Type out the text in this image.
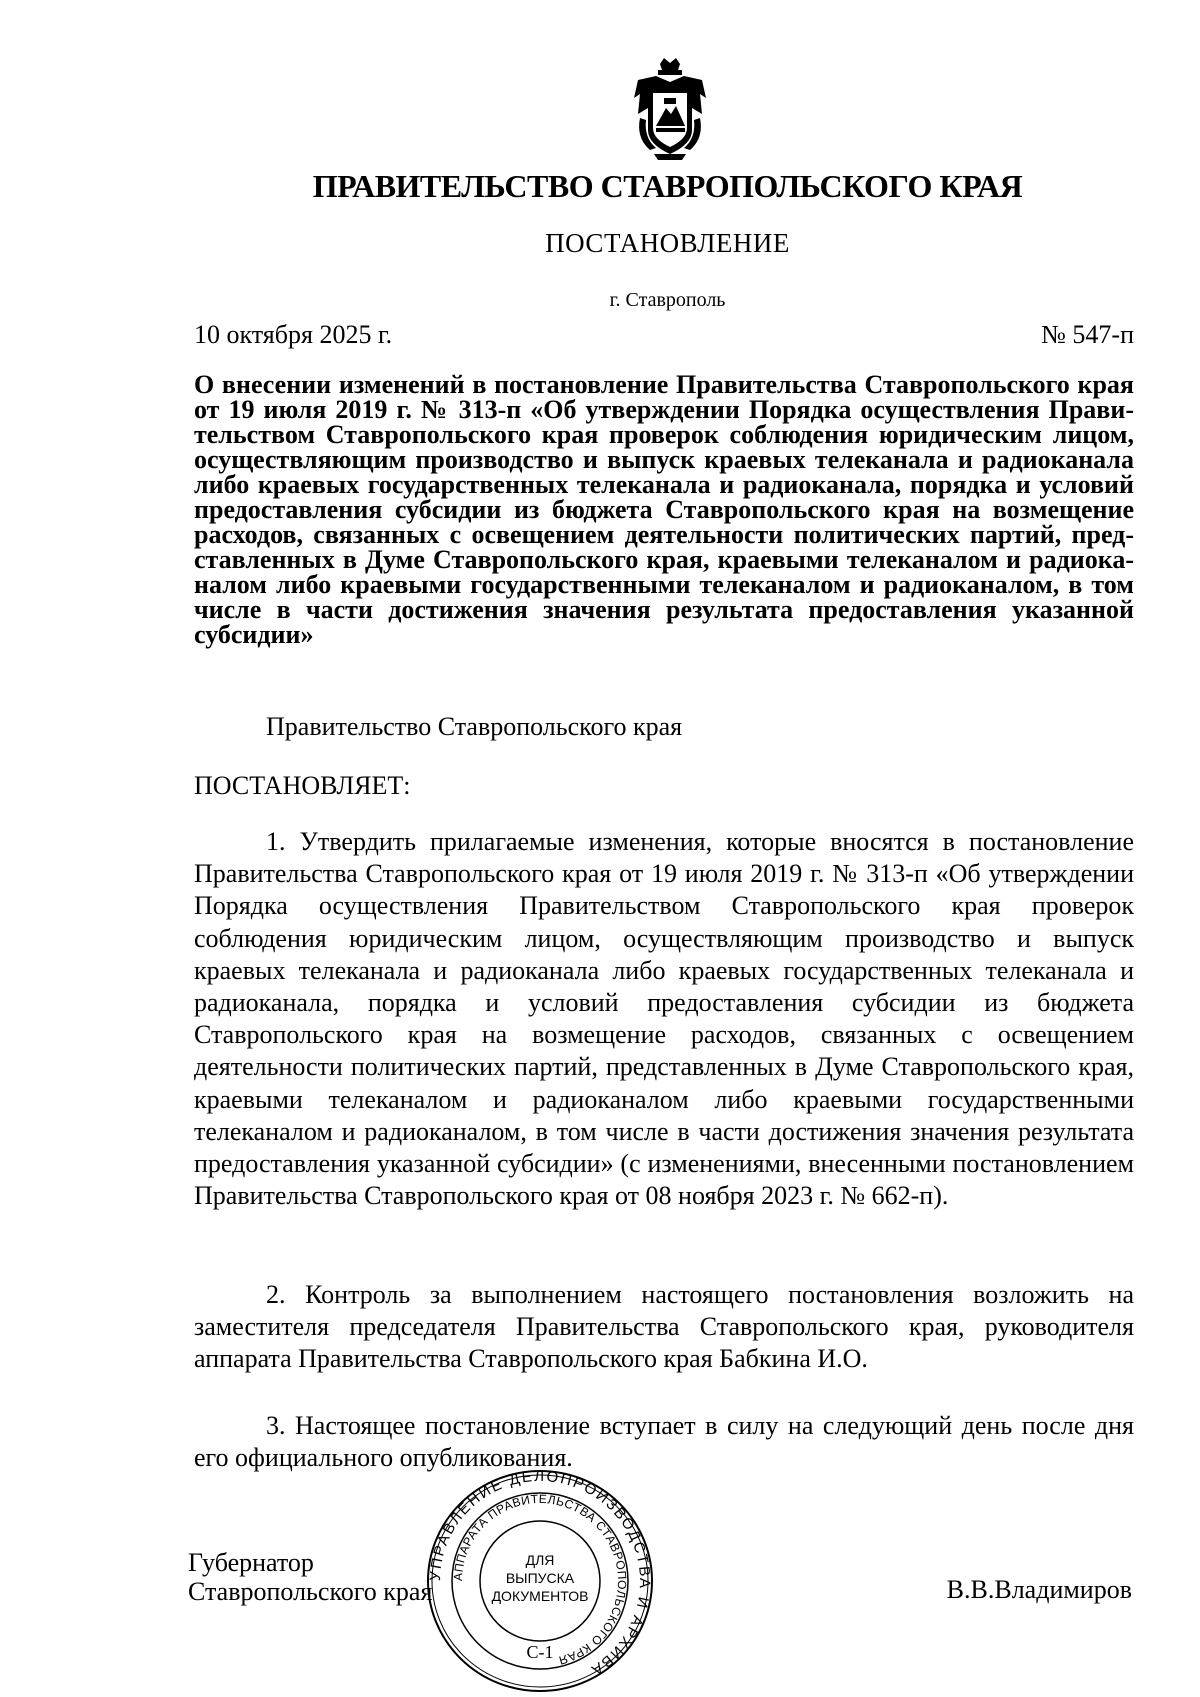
ПРАВИТЕЛЬСТВО СТАВРОПОЛЬСКОГО КРАЯ
ПОСТАНОВЛЕНИЕ
г. Ставрополь
10 октября 2025 г.	№ 547-п
О внесении изменений в постановление Правительства Ставропольского края от 19 июля 2019 г. № 313-п «Об утверждении Порядка осуществления Правительством Ставропольского края проверок соблюдения юридическим лицом, осуществляющим производство и выпуск краевых телеканала и радиоканала либо краевых государственных телеканала и радиоканала, порядка и условий предоставления субсидии из бюджета Ставропольского края на возмещение расходов, связанных с освещением деятельности политических партий, представленных в Думе Ставропольского края, краевыми телеканалом и радиоканалом либо краевыми государственными телеканалом и радиоканалом, в том числе в части достижения значения результата предоставления указанной субсидии»
Правительство Ставропольского края
ПОСТАНОВЛЯЕТ:

1. Утвердить прилагаемые изменения, которые вносятся в постановление Правительства Ставропольского края от 19 июля 2019 г. № 313-п «Об утверждении Порядка осуществления Правительством Ставропольского края проверок соблюдения юридическим лицом, осуществляющим производство и выпуск краевых телеканала и радиоканала либо краевых государственных телеканала и радиоканала, порядка и условий предоставления субсидии из бюджета Ставропольского края на возмещение расходов, связанных с освещением деятельности политических партий, представленных в Думе Ставропольского края, краевыми телеканалом и радиоканалом либо краевыми государственными телеканалом и радиоканалом, в том числе в части достижения значения результата предоставления указанной субсидии» (с изменениями, внесенными постановлением Правительства Ставропольского края от 08 ноября 2023 г. № 662-п).

2. Контроль за выполнением настоящего постановления возложить на заместителя председателя Правительства Ставропольского края, руководителя аппарата Правительства Ставропольского края Бабкина И.О.

3. Настоящее постановление вступает в силу на следующий день после дня его официального опубликования.

Губернатор
Ставропольского края	В.В.Владимиров
УПРАВЛЕНИЕ ДЕЛОПРОИЗВОДСТВА И АРХИВА
АППАРАТА ПРАВИТЕЛЬСТВА СТАВРОПОЛЬСКОГО КРАЯ
ДЛЯ
ВЫПУСКА
ДОКУМЕНТОВ
С-1
